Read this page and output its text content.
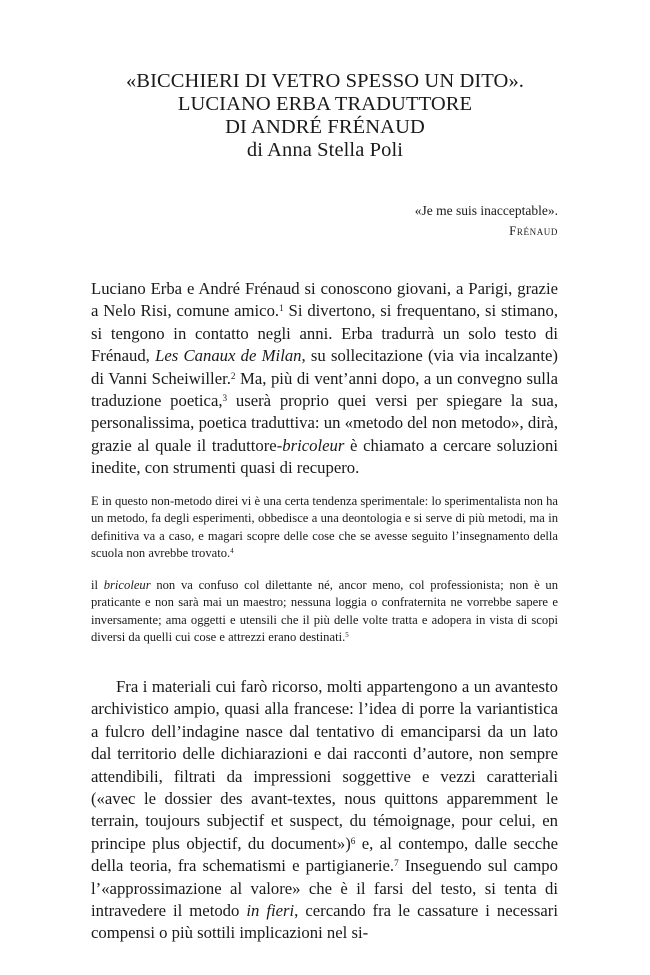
«BICCHIERI DI VETRO SPESSO UN DITO».
LUCIANO ERBA TRADUTTORE
DI ANDRÉ FRÉNAUD
di Anna Stella Poli
«Je me suis inacceptable».
Frénaud

Luciano Erba e André Frénaud si conoscono giovani, a Parigi, grazie a Nelo Risi, comune amico.$^1$ Si divertono, si frequentano, si stimano, si tengono in contatto negli anni. Erba tradurrà un solo testo di Frénaud, Les Canaux de Milan, su sollecitazione (via via incalzante) di Vanni Scheiwiller.$^2$ Ma, più di vent’anni dopo, a un convegno sulla traduzione poetica,$^3$ userà proprio quei versi per spiegare la sua, personalissima, poetica traduttiva: un «metodo del non metodo», dirà, grazie al quale il traduttore-bricoleur è chiamato a cercare soluzioni inedite, con strumenti quasi di recupero.

E in questo non-metodo direi vi è una certa tendenza sperimentale: lo sperimentalista non ha un metodo, fa degli esperimenti, obbedisce a una deontologia e si serve di più metodi, ma in definitiva va a caso, e magari scopre delle cose che se avesse seguito l’insegnamento della scuola non avrebbe trovato.$^4$

il bricoleur non va confuso col dilettante né, ancor meno, col professionista; non è un praticante e non sarà mai un maestro; nessuna loggia o confraternita ne vorrebbe sapere e inversamente; ama oggetti e utensili che il più delle volte tratta e adopera in vista di scopi diversi da quelli cui cose e attrezzi erano destinati.$^5$

Fra i materiali cui farò ricorso, molti appartengono a un avantesto archivistico ampio, quasi alla francese: l’idea di porre la variantistica a fulcro dell’indagine nasce dal tentativo di emanciparsi da un lato dal territorio delle dichiarazioni e dai racconti d’autore, non sempre attendibili, filtrati da impressioni soggettive e vezzi caratteriali («avec le dossier des avant-textes, nous quittons apparemment le terrain, toujours subjectif et suspect, du témoignage, pour celui, en principe plus objectif, du document»)$^6$ e, al contempo, dalle secche della teoria, fra schematismi e partigianerie.$^7$ Inseguendo sul campo l’«approssimazione al valore» che è il farsi del testo, si tenta di intravedere il metodo in fieri, cercando fra le cassature i necessari compensi o più sottili implicazioni nel si-
